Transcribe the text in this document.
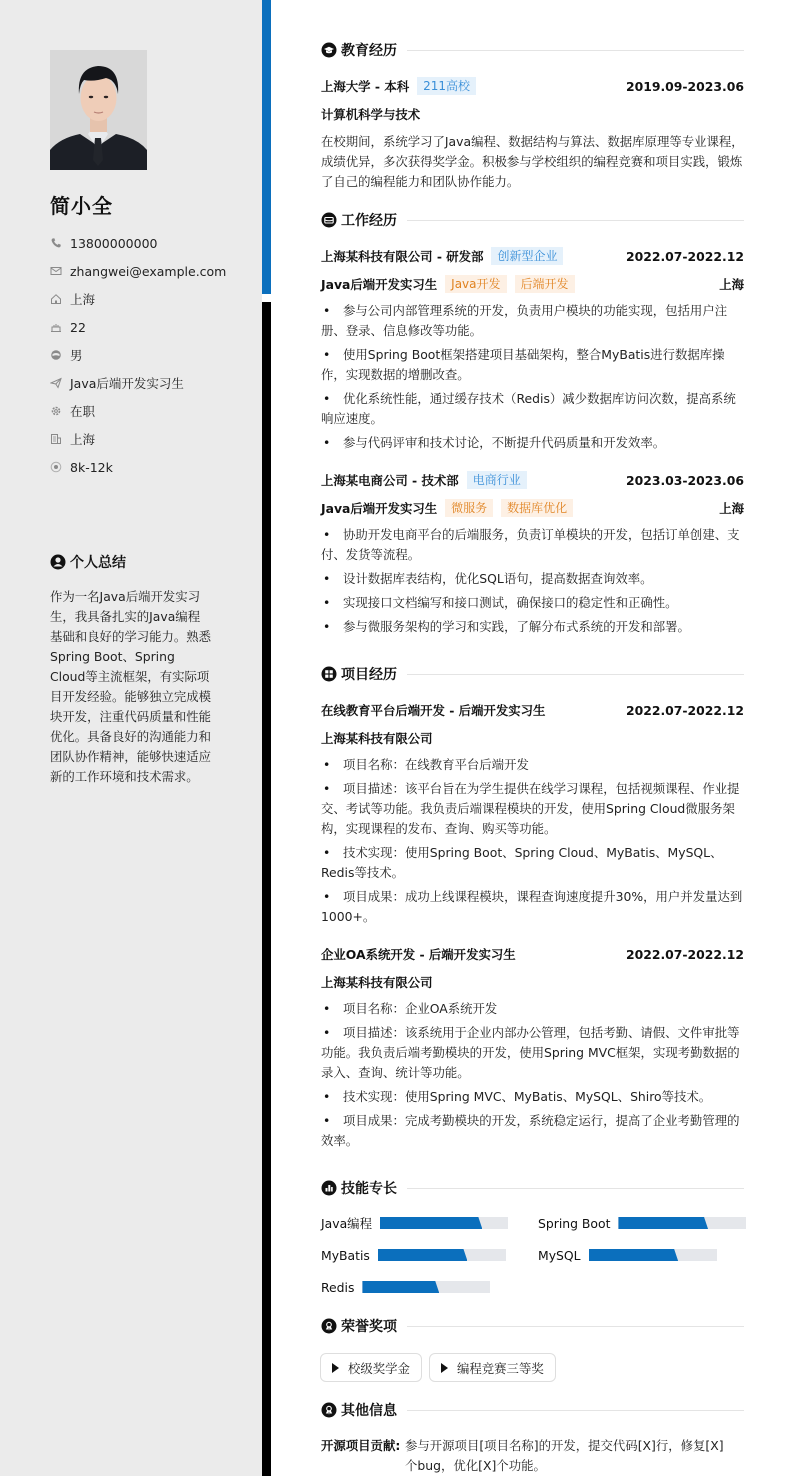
简小全
13800000000
zhangwei@example.com
上海
22
男
Java后端开发实习生
在职
上海
8k-12k
个人总结
作为一名Java后端开发实习生，我具备扎实的Java编程基础和良好的学习能力。熟悉Spring Boot、Spring Cloud等主流框架，有实际项目开发经验。能够独立完成模块开发，注重代码质量和性能优化。具备良好的沟通能力和团队协作精神，能够快速适应新的工作环境和技术需求。
教育经历
上海大学 - 本科	211高校	2019.09-2023.06
计算机科学与技术
在校期间，系统学习了Java编程、数据结构与算法、数据库原理等专业课程，成绩优异，多次获得奖学金。积极参与学校组织的编程竞赛和项目实践，锻炼了自己的编程能力和团队协作能力。
工作经历
上海某科技有限公司 - 研发部	创新型企业	2022.07-2022.12
Java后端开发实习生	Java开发	后端开发	上海
• 参与公司内部管理系统的开发，负责用户模块的功能实现，包括用户注册、登录、信息修改等功能。
• 使用Spring Boot框架搭建项目基础架构，整合MyBatis进行数据库操作，实现数据的增删改查。
• 优化系统性能，通过缓存技术（Redis）减少数据库访问次数，提高系统响应速度。
• 参与代码评审和技术讨论，不断提升代码质量和开发效率。
上海某电商公司 - 技术部	电商行业	2023.03-2023.06
Java后端开发实习生	微服务	数据库优化	上海
• 协助开发电商平台的后端服务，负责订单模块的开发，包括订单创建、支付、发货等流程。
• 设计数据库表结构，优化SQL语句，提高数据查询效率。
• 实现接口文档编写和接口测试，确保接口的稳定性和正确性。
• 参与微服务架构的学习和实践，了解分布式系统的开发和部署。
项目经历
在线教育平台后端开发 - 后端开发实习生	2022.07-2022.12
上海某科技有限公司
• 项目名称：在线教育平台后端开发
• 项目描述：该平台旨在为学生提供在线学习课程，包括视频课程、作业提交、考试等功能。我负责后端课程模块的开发，使用Spring Cloud微服务架构，实现课程的发布、查询、购买等功能。
• 技术实现：使用Spring Boot、Spring Cloud、MyBatis、MySQL、Redis等技术。
• 项目成果：成功上线课程模块，课程查询速度提升30%，用户并发量达到1000+。
企业OA系统开发 - 后端开发实习生	2022.07-2022.12
上海某科技有限公司
• 项目名称：企业OA系统开发
• 项目描述：该系统用于企业内部办公管理，包括考勤、请假、文件审批等功能。我负责后端考勤模块的开发，使用Spring MVC框架，实现考勤数据的录入、查询、统计等功能。
• 技术实现：使用Spring MVC、MyBatis、MySQL、Shiro等技术。
• 项目成果：完成考勤模块的开发，系统稳定运行，提高了企业考勤管理的效率。
技能专长
Java编程	Spring Boot
MyBatis	MySQL
Redis
荣誉奖项
校级奖学金	编程竞赛三等奖
其他信息
开源项目贡献: 参与开源项目[项目名称]的开发，提交代码[X]行，修复[X]个bug，优化[X]个功能。
